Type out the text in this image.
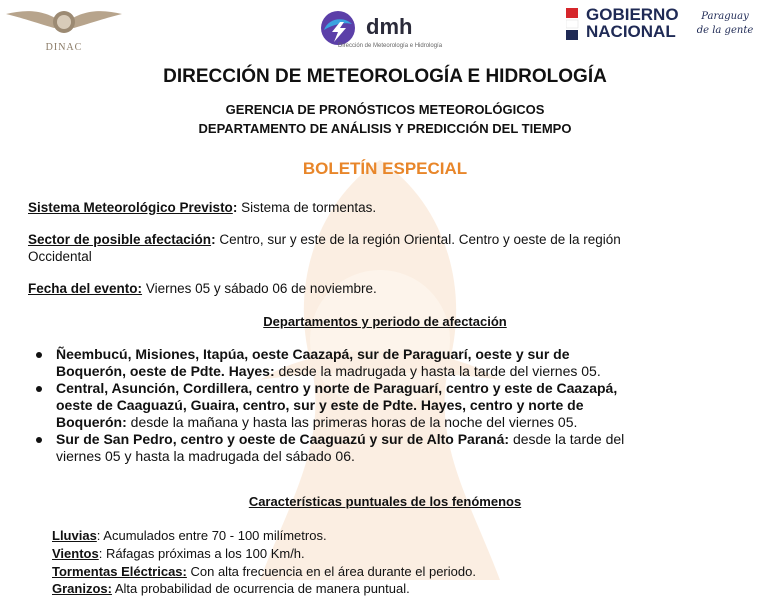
DINAC
dmh
Dirección de Meteorología e Hidrología
GOBIERNO
NACIONAL
Paraguay
de la gente
DIRECCIÓN DE METEOROLOGÍA E HIDROLOGÍA
GERENCIA DE PRONÓSTICOS METEOROLÓGICOS
DEPARTAMENTO DE ANÁLISIS Y PREDICCIÓN DEL TIEMPO
BOLETÍN ESPECIAL
Sistema Meteorológico Previsto: Sistema de tormentas.
Sector de posible afectación: Centro, sur y este de la región Oriental. Centro y oeste de la región
Occidental
Fecha del evento: Viernes 05 y sábado 06 de noviembre.
Departamentos y periodo de afectación
Ñeembucú, Misiones, Itapúa, oeste Caazapá, sur de Paraguarí, oeste y sur de
Boquerón, oeste de Pdte. Hayes: desde la madrugada y hasta la tarde del viernes 05.
Central, Asunción, Cordillera, centro y norte de Paraguarí, centro y este de Caazapá,
oeste de Caaguazú, Guaira, centro, sur y este de Pdte. Hayes, centro y norte de
Boquerón: desde la mañana y hasta las primeras horas de la noche del viernes 05.
Sur de San Pedro, centro y oeste de Caaguazú y sur de Alto Paraná: desde la tarde del
viernes 05 y hasta la madrugada del sábado 06.
Características puntuales de los fenómenos
Lluvias: Acumulados entre 70 - 100 milímetros.
Vientos: Ráfagas próximas a los 100 Km/h.
Tormentas Eléctricas: Con alta frecuencia en el área durante el periodo.
Granizos: Alta probabilidad de ocurrencia de manera puntual.
